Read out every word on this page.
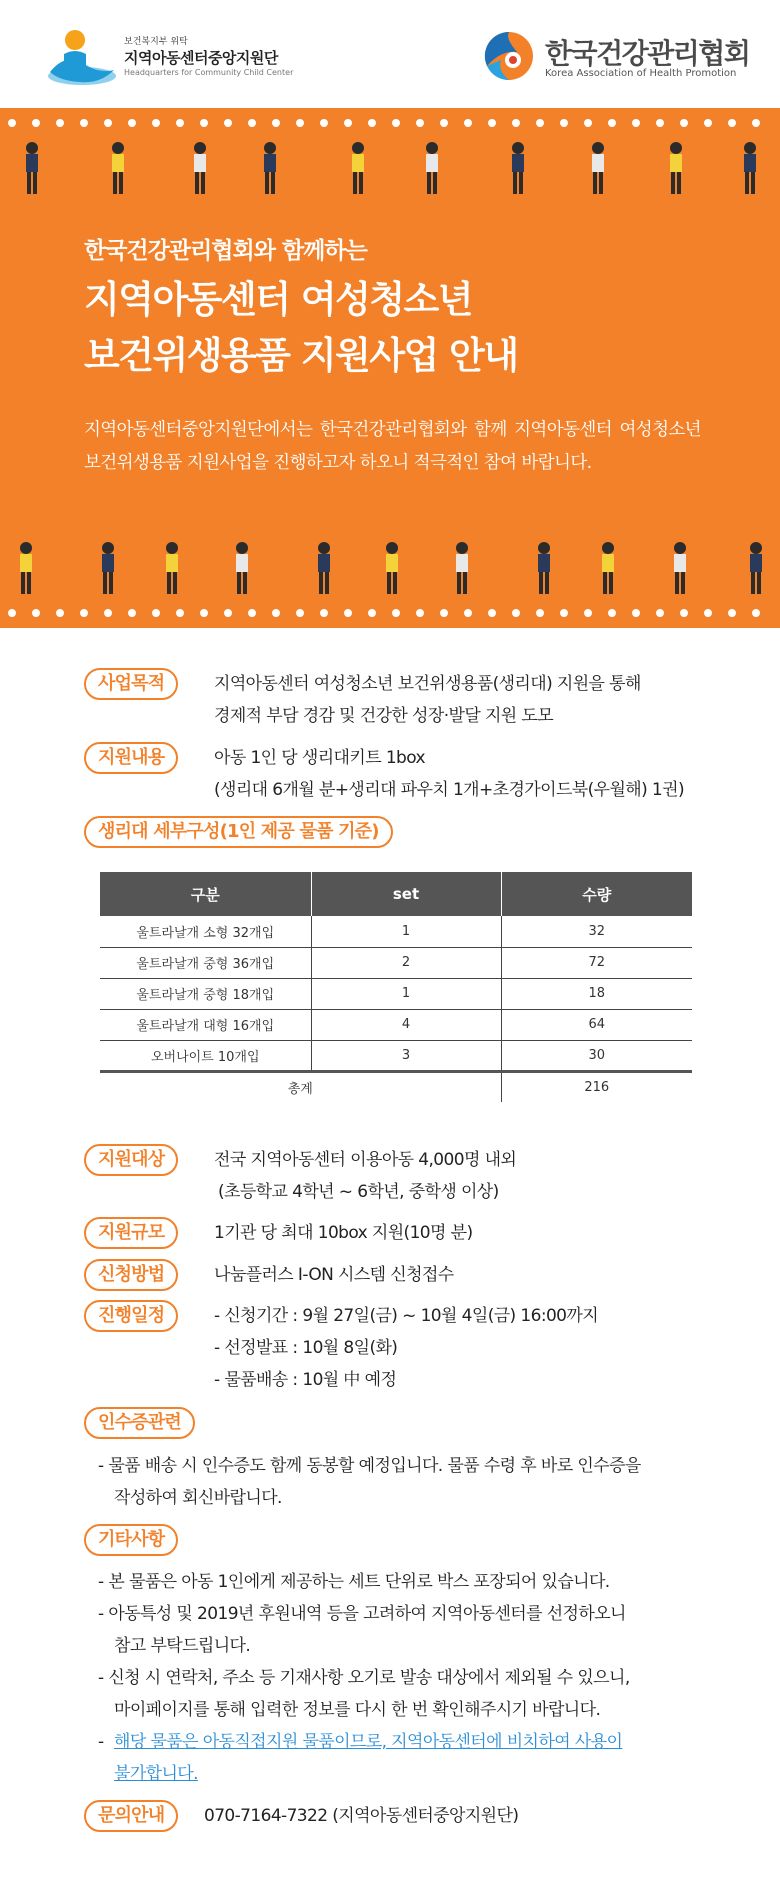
보건복지부 위탁
지역아동센터중앙지원단
Headquarters for Community Child Center
한국건강관리협회
Korea Association of Health Promotion
한국건강관리협회와 함께하는
지역아동센터 여성청소년
보건위생용품 지원사업 안내
지역아동센터중앙지원단에서는 한국건강관리협회와 함께 지역아동센터 여성청소년 보건위생용품 지원사업을 진행하고자 하오니 적극적인 참여 바랍니다.
사업목적	지역아동센터 여성청소년 보건위생용품(생리대) 지원을 통해
경제적 부담 경감 및 건강한 성장·발달 지원 도모
지원내용	아동 1인 당 생리대키트 1box
(생리대 6개월 분+생리대 파우치 1개+초경가이드북(우월해) 1권)
생리대 세부구성(1인 제공 물품 기준)
구분	set	수량
울트라날개 소형 32개입	1	32
울트라날개 중형 36개입	2	72
울트라날개 중형 18개입	1	18
울트라날개 대형 16개입	4	64
오버나이트 10개입	3	30
총계		216
지원대상	전국 지역아동센터 이용아동 4,000명 내외
(초등학교 4학년 ~ 6학년, 중학생 이상)
지원규모	1기관 당 최대 10box 지원(10명 분)
신청방법	나눔플러스 I-ON 시스템 신청접수
진행일정	- 신청기간 : 9월 27일(금) ~ 10월 4일(금) 16:00까지
- 선정발표 : 10월 8일(화)
- 물품배송 : 10월 中 예정
인수증관련
- 물품 배송 시 인수증도 함께 동봉할 예정입니다. 물품 수령 후 바로 인수증을
작성하여 회신바랍니다.
기타사항
- 본 물품은 아동 1인에게 제공하는 세트 단위로 박스 포장되어 있습니다.
- 아동특성 및 2019년 후원내역 등을 고려하여 지역아동센터를 선정하오니
참고 부탁드립니다.
- 신청 시 연락처, 주소 등 기재사항 오기로 발송 대상에서 제외될 수 있으니,
마이페이지를 통해 입력한 정보를 다시 한 번 확인해주시기 바랍니다.
- 해당 물품은 아동직접지원 물품이므로, 지역아동센터에 비치하여 사용이
불가합니다.
문의안내	070-7164-7322 (지역아동센터중앙지원단)
